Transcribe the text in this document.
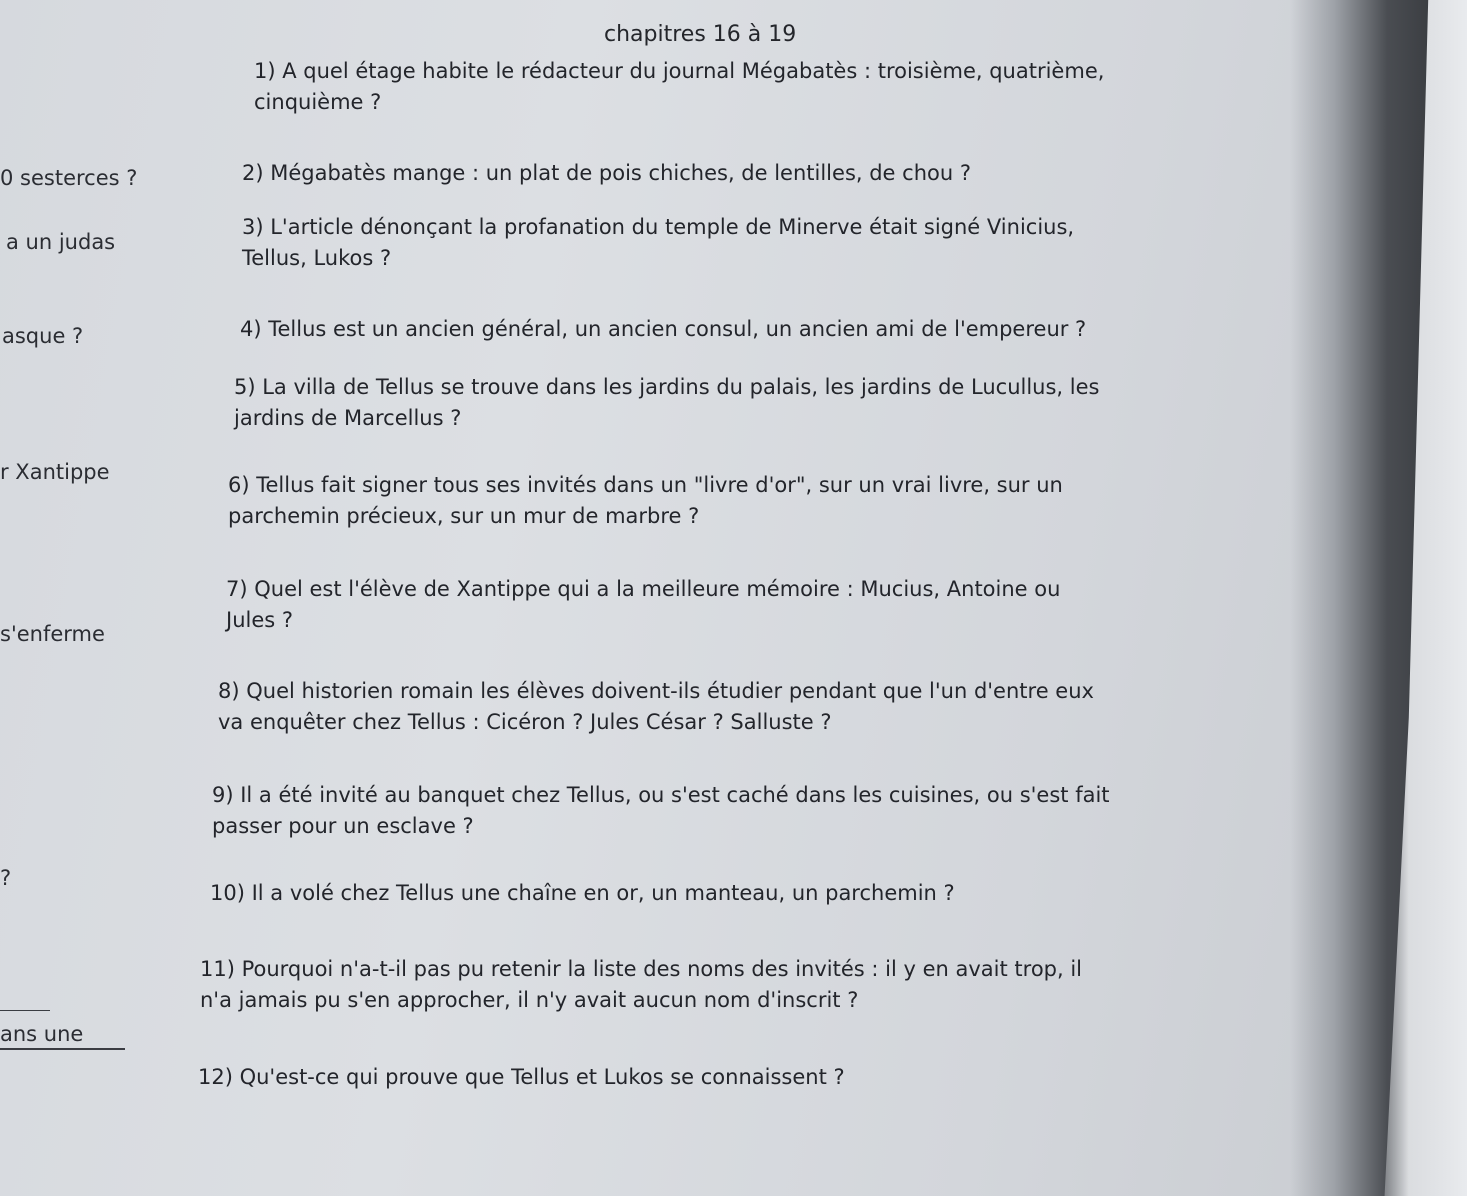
0 sesterces ?
a un judas
asque ?
r Xantippe
s'enferme
?
ans une
chapitres 16 à 19
1) A quel étage habite le rédacteur du journal Mégabatès : troisième, quatrième,
cinquième ?
2) Mégabatès mange : un plat de pois chiches, de lentilles, de chou ?
3) L'article dénonçant la profanation du temple de Minerve était signé Vinicius,
Tellus, Lukos ?
4) Tellus est un ancien général, un ancien consul, un ancien ami de l'empereur ?
5) La villa de Tellus se trouve dans les jardins du palais, les jardins de Lucullus, les
jardins de Marcellus ?
6) Tellus fait signer tous ses invités dans un "livre d'or", sur un vrai livre, sur un
parchemin précieux, sur un mur de marbre ?
7) Quel est l'élève de Xantippe qui a la meilleure mémoire : Mucius, Antoine ou
Jules ?
8) Quel historien romain les élèves doivent-ils étudier pendant que l'un d'entre eux
va enquêter chez Tellus : Cicéron ? Jules César ? Salluste ?
9) Il a été invité au banquet chez Tellus, ou s'est caché dans les cuisines, ou s'est fait
passer pour un esclave ?
10) Il a volé chez Tellus une chaîne en or, un manteau, un parchemin ?
11) Pourquoi n'a-t-il pas pu retenir la liste des noms des invités : il y en avait trop, il
n'a jamais pu s'en approcher, il n'y avait aucun nom d'inscrit ?
12) Qu'est-ce qui prouve que Tellus et Lukos se connaissent ?
